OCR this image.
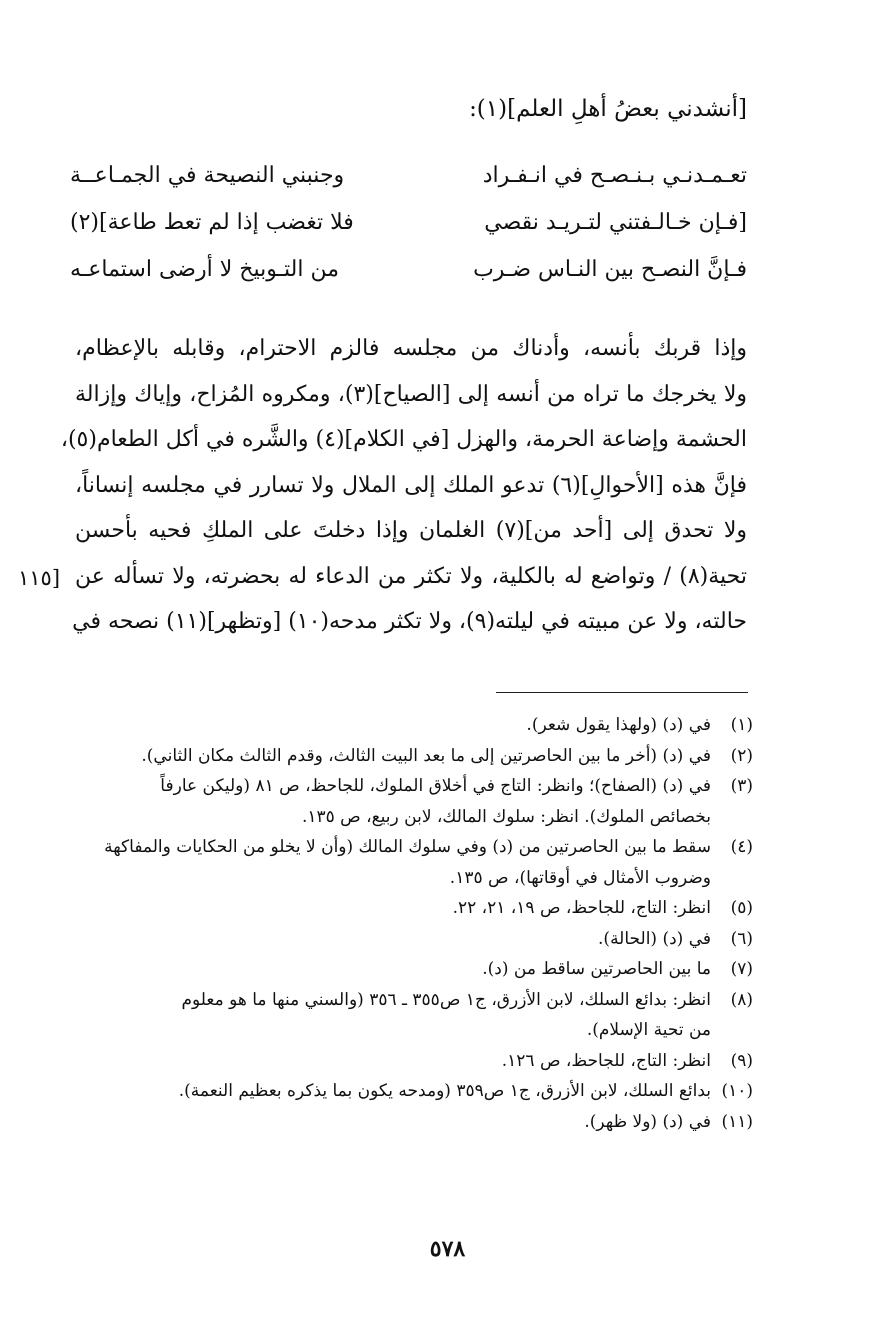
[أنشدني بعضُ أهلِ العلم](١):
تعـمـدنـي بـنـصـح في انـفـراد
وجنبني النصيحة في الجمـاعــة
[فـإن خـالـفتني لتـريـد نقصي
فلا تغضب إذا لم تعط طاعة](٢)
فـإنَّ النصـح بين النـاس ضـرب
من التـوبيخ لا أرضى استماعـه
وإذا قربك بأنسه، وأدناك من مجلسه فالزم الاحترام، وقابله بالإعظام،
ولا يخرجك ما تراه من أنسه إلى [الصياح](٣)، ومكروه المُزاح، وإياك وإزالة
الحشمة وإضاعة الحرمة، والهزل [في الكلام](٤) والشَّره في أكل الطعام(٥)،
فإنَّ هذه [الأحوالِ](٦) تدعو الملك إلى الملال ولا تسارر في مجلسه إنساناً،
ولا تحدق إلى [أحد من](٧) الغلمان وإذا دخلتَ على الملكِ فحيه بأحسن
تحية(٨) / وتواضع له بالكلية، ولا تكثر من الدعاء له بحضرته، ولا تسأله عن
حالته، ولا عن مبيته في ليلته(٩)، ولا تكثر مدحه(١٠) [وتظهر](١١) نصحه في
[١١٥
(١)
في (د) (ولهذا يقول شعر).
(٢)
في (د) (أخر ما بين الحاصرتين إلى ما بعد البيت الثالث، وقدم الثالث مكان الثاني).
(٣)
في (د) (الصفاح)؛ وانظر: التاج في أخلاق الملوك، للجاحظ، ص ٨١ (وليكن عارفاً
بخصائص الملوك). انظر: سلوك المالك، لابن ربيع، ص ١٣٥.
(٤)
سقط ما بين الحاصرتين من (د) وفي سلوك المالك (وأن لا يخلو من الحكايات والمفاكهة
وضروب الأمثال في أوقاتها)، ص ١٣٥.
(٥)
انظر: التاج، للجاحظ، ص ١٩، ٢١، ٢٢.
(٦)
في (د) (الحالة).
(٧)
ما بين الحاصرتين ساقط من (د).
(٨)
انظر: بدائع السلك، لابن الأزرق، ج١ ص٣٥٥ ـ ٣٥٦ (والسني منها ما هو معلوم
من تحية الإسلام).
(٩)
انظر: التاج، للجاحظ، ص ١٢٦.
(١٠)
بدائع السلك، لابن الأزرق، ج١ ص٣٥٩ (ومدحه يكون بما يذكره بعظيم النعمة).
(١١)
في (د) (ولا ظهر).
٥٧٨
